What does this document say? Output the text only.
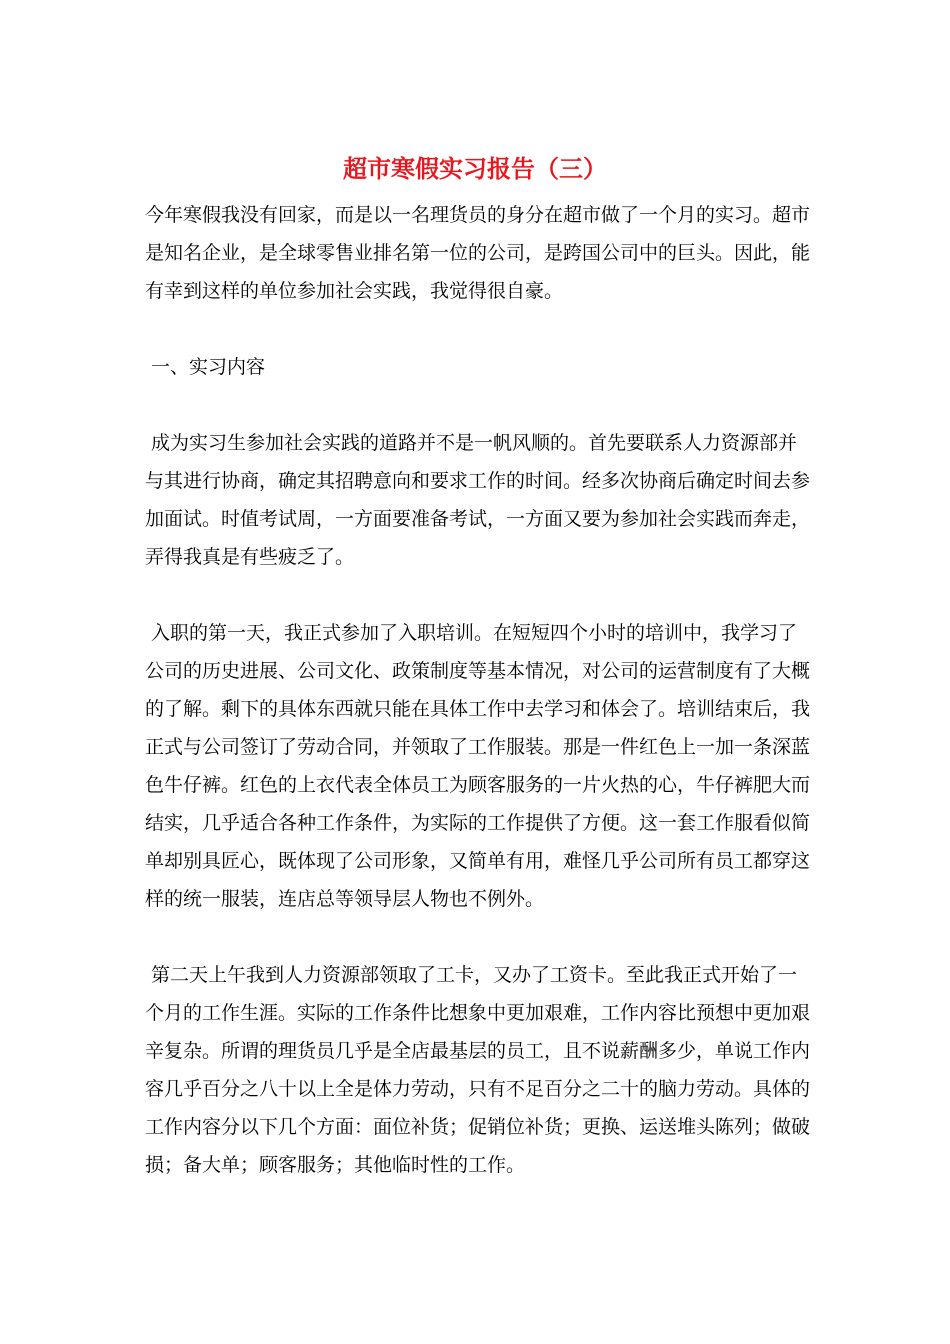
超市寒假实习报告（三）

今年寒假我没有回家，而是以一名理货员的身分在超市做了一个月的实习。超市是知名企业，是全球零售业排名第一位的公司，是跨国公司中的巨头。因此，能有幸到这样的单位参加社会实践，我觉得很自豪。

一、实习内容

成为实习生参加社会实践的道路并不是一帆风顺的。首先要联系人力资源部并与其进行协商，确定其招聘意向和要求工作的时间。经多次协商后确定时间去参加面试。时值考试周，一方面要准备考试，一方面又要为参加社会实践而奔走，弄得我真是有些疲乏了。

入职的第一天，我正式参加了入职培训。在短短四个小时的培训中，我学习了公司的历史进展、公司文化、政策制度等基本情况，对公司的运营制度有了大概的了解。剩下的具体东西就只能在具体工作中去学习和体会了。培训结束后，我正式与公司签订了劳动合同，并领取了工作服装。那是一件红色上一加一条深蓝色牛仔裤。红色的上衣代表全体员工为顾客服务的一片火热的心，牛仔裤肥大而结实，几乎适合各种工作条件，为实际的工作提供了方便。这一套工作服看似简单却别具匠心，既体现了公司形象，又简单有用，难怪几乎公司所有员工都穿这样的统一服装，连店总等领导层人物也不例外。

第二天上午我到人力资源部领取了工卡，又办了工资卡。至此我正式开始了一个月的工作生涯。实际的工作条件比想象中更加艰难，工作内容比预想中更加艰辛复杂。所谓的理货员几乎是全店最基层的员工，且不说薪酬多少，单说工作内容几乎百分之八十以上全是体力劳动，只有不足百分之二十的脑力劳动。具体的工作内容分以下几个方面：面位补货；促销位补货；更换、运送堆头陈列；做破损；备大单；顾客服务；其他临时性的工作。
